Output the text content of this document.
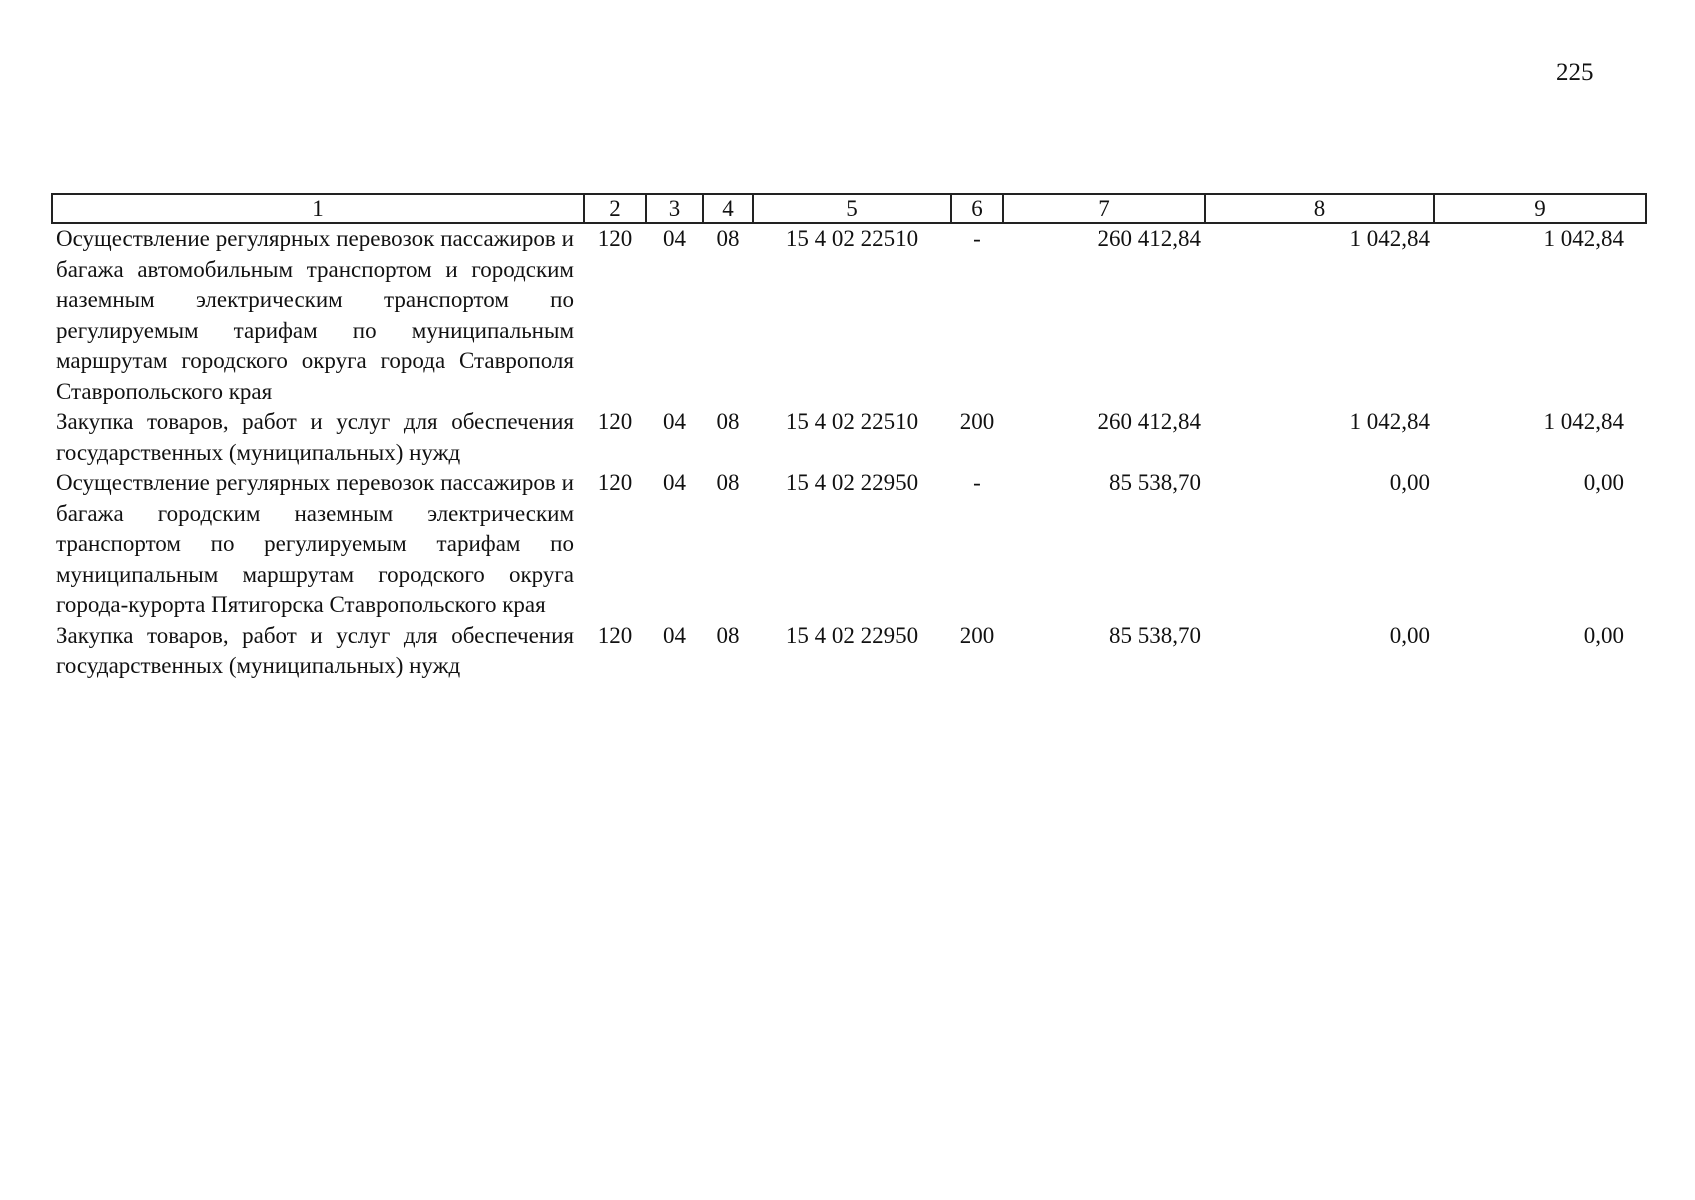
225
1	2	3	4	5	6	7	8	9
Осуществление регулярных перевозок пассажиров и багажа автомобильным транспортом и городским наземным электрическим транспортом по регулируемым тарифам по муниципальным маршрутам городского округа города Ставрополя Ставропольского края	120	04	08	15 4 02 22510	-	260 412,84	1 042,84	1 042,84
Закупка товаров, работ и услуг для обеспечения государственных (муниципальных) нужд	120	04	08	15 4 02 22510	200	260 412,84	1 042,84	1 042,84
Осуществление регулярных перевозок пассажиров и багажа городским наземным электрическим транспортом по регулируемым тарифам по муниципальным маршрутам городского округа города-курорта Пятигорска Ставропольского края	120	04	08	15 4 02 22950	-	85 538,70	0,00	0,00
Закупка товаров, работ и услуг для обеспечения государственных (муниципальных) нужд	120	04	08	15 4 02 22950	200	85 538,70	0,00	0,00
